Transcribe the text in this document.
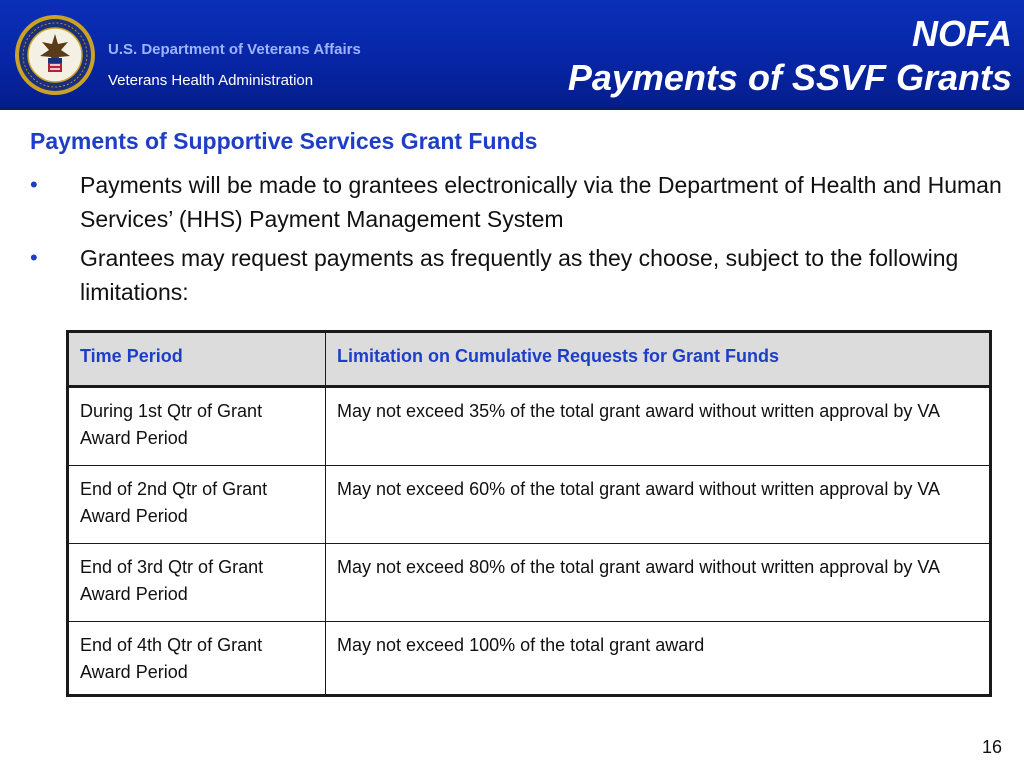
U.S. Department of Veterans Affairs
Veterans Health Administration
NOFA
Payments of SSVF Grants
Payments of Supportive Services Grant Funds
• Payments will be made to grantees electronically via the Department of Health and Human Services’ (HHS) Payment Management System
• Grantees may request payments as frequently as they choose, subject to the following limitations:
Time Period	Limitation on Cumulative Requests for Grant Funds
During 1st Qtr of Grant Award Period	May not exceed 35% of the total grant award without written approval by VA
End of 2nd Qtr of Grant Award Period	May not exceed 60% of the total grant award without written approval by VA
End of 3rd Qtr of Grant Award Period	May not exceed 80% of the total grant award without written approval by VA
End of 4th Qtr of Grant Award Period	May not exceed 100% of the total grant award
16
